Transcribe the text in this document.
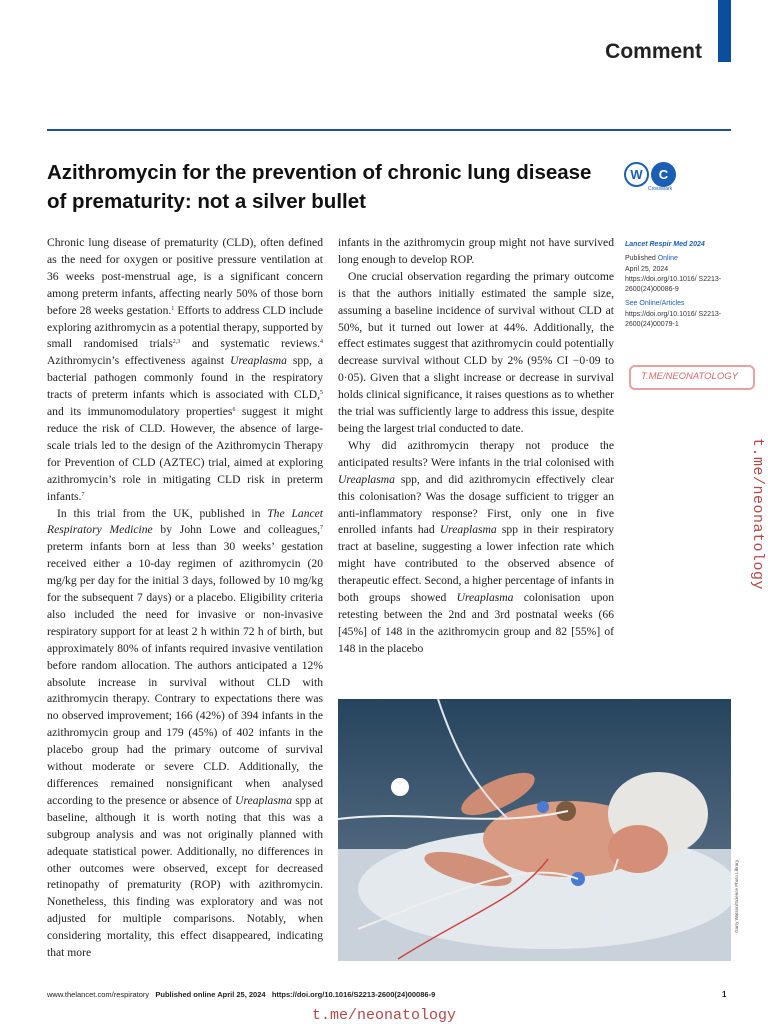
Comment
Azithromycin for the prevention of chronic lung disease of prematurity: not a silver bullet
W C
CrossMark

Chronic lung disease of prematurity (CLD), often defined as the need for oxygen or positive pressure ventilation at 36 weeks post-menstrual age, is a significant concern among preterm infants, affecting nearly 50% of those born before 28 weeks gestation.$^1$ Efforts to address CLD include exploring azithromycin as a potential therapy, supported by small randomised trials$^{2,3}$ and systematic reviews.$^4$ Azithromycin’s effectiveness against Ureaplasma spp, a bacterial pathogen commonly found in the respiratory tracts of preterm infants which is associated with CLD,$^5$ and its immunomodulatory properties$^6$ suggest it might reduce the risk of CLD. However, the absence of large-scale trials led to the design of the Azithromycin Therapy for Prevention of CLD (AZTEC) trial, aimed at exploring azithromycin’s role in mitigating CLD risk in preterm infants.$^7$

In this trial from the UK, published in The Lancet Respiratory Medicine by John Lowe and colleagues,$^7$ preterm infants born at less than 30 weeks’ gestation received either a 10-day regimen of azithromycin (20 mg/kg per day for the initial 3 days, followed by 10 mg/kg for the subsequent 7 days) or a placebo. Eligibility criteria also included the need for invasive or non-invasive respiratory support for at least 2 h within 72 h of birth, but approximately 80% of infants required invasive ventilation before random allocation. The authors anticipated a 12% absolute increase in survival without CLD with azithromycin therapy. Contrary to expectations there was no observed improvement; 166 (42%) of 394 infants in the azithromycin group and 179 (45%) of 402 infants in the placebo group had the primary outcome of survival without moderate or severe CLD. Additionally, the differences remained nonsignificant when analysed according to the presence or absence of Ureaplasma spp at baseline, although it is worth noting that this was a subgroup analysis and was not originally planned with adequate statistical power. Additionally, no differences in other outcomes were observed, except for decreased retinopathy of prematurity (ROP) with azithromycin. Nonetheless, this finding was exploratory and was not adjusted for multiple comparisons. Notably, when considering mortality, this effect disappeared, indicating that more

infants in the azithromycin group might not have survived long enough to develop ROP.

One crucial observation regarding the primary outcome is that the authors initially estimated the sample size, assuming a baseline incidence of survival without CLD at 50%, but it turned out lower at 44%. Additionally, the effect estimates suggest that azithromycin could potentially decrease survival without CLD by 2% (95% CI −0·09 to 0·05). Given that a slight increase or decrease in survival holds clinical significance, it raises questions as to whether the trial was sufficiently large to address this issue, despite being the largest trial conducted to date.

Why did azithromycin therapy not produce the anticipated results? Were infants in the trial colonised with Ureaplasma spp, and did azithromycin effectively clear this colonisation? Was the dosage sufficient to trigger an anti-inflammatory response? First, only one in five enrolled infants had Ureaplasma spp in their respiratory tract at baseline, suggesting a lower infection rate which might have contributed to the observed absence of therapeutic effect. Second, a higher percentage of infants in both groups showed Ureaplasma colonisation upon retesting between the 2nd and 3rd postnatal weeks (66 [45%] of 148 in the azithromycin group and 82 [55%] of 148 in the placebo

Lancet Respir Med 2024
Published Online
April 25, 2024
https://doi.org/10.1016/ S2213-2600(24)00086-9
See Online/Articles
https://doi.org/10.1016/ S2213-2600(24)00079-1
T.ME/NEONATOLOGY
t.me/neonatology
Garry Watson/Science Photo Library
www.thelancet.com/respiratory Published online April 25, 2024 https://doi.org/10.1016/S2213-2600(24)00086-9	1
t.me/neonatology
